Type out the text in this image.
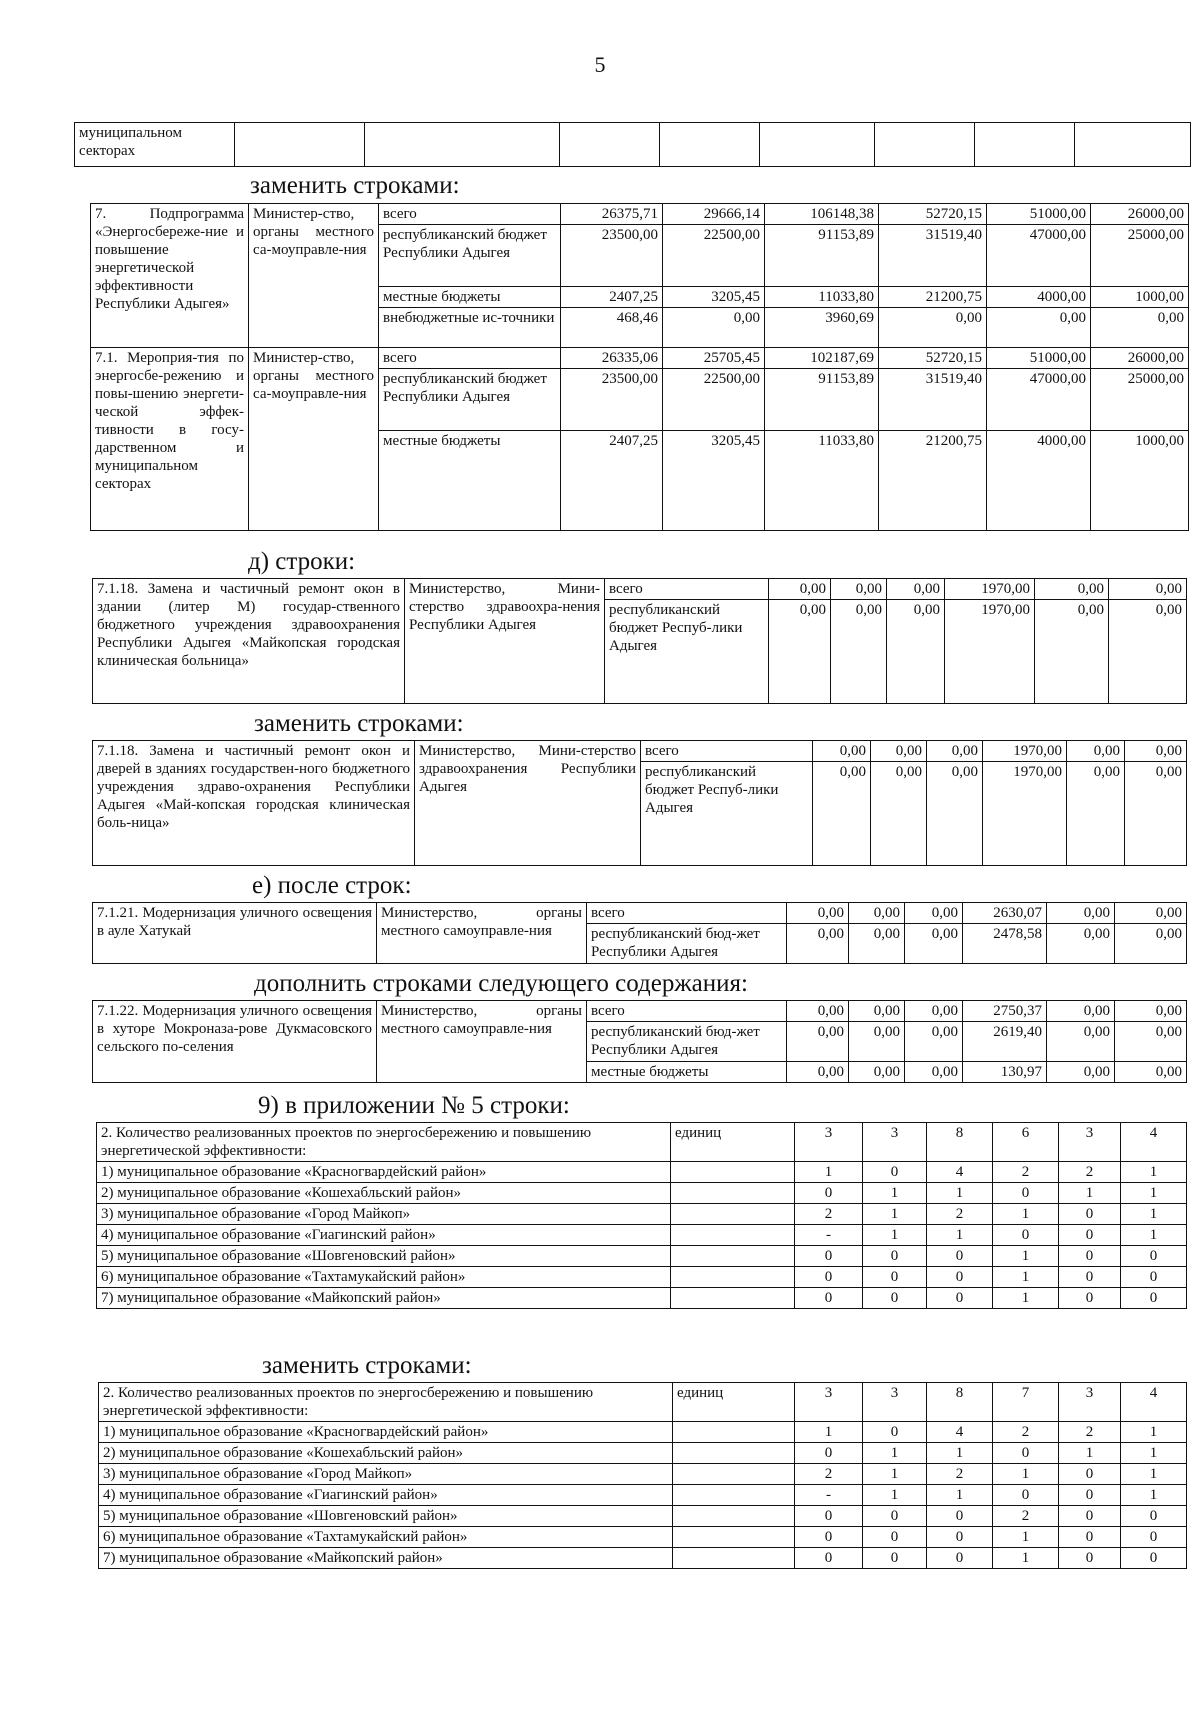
5
муниципальном секторах								
заменить строками:
7. Подпрограмма «Энергосбереже-ние и повышение энергетической эффективности Республики Адыгея»	Министер-ство, органы местного са-моуправле-ния	всего	26375,71	29666,14	106148,38	52720,15	51000,00	26000,00
		республиканский бюджет Республики Адыгея	23500,00	22500,00	91153,89	31519,40	47000,00	25000,00
		местные бюджеты	2407,25	3205,45	11033,80	21200,75	4000,00	1000,00
		внебюджетные ис-точники	468,46	0,00	3960,69	0,00	0,00	0,00
7.1. Мероприя-тия по энергосбе-режению и повы-шению энергети-ческой эффек-тивности в госу-дарственном и муниципальном секторах	Министер-ство, органы местного са-моуправле-ния	всего	26335,06	25705,45	102187,69	52720,15	51000,00	26000,00
		республиканский бюджет Республики Адыгея	23500,00	22500,00	91153,89	31519,40	47000,00	25000,00
		местные бюджеты	2407,25	3205,45	11033,80	21200,75	4000,00	1000,00
д) строки:
7.1.18. Замена и частичный ремонт окон в здании (литер М) государ-ственного бюджетного учреждения здравоохранения Республики Адыгея «Майкопская городская клиническая больница»	Министерство, Мини-стерство здравоохра-нения Республики Адыгея	всего	0,00	0,00	0,00	1970,00	0,00	0,00
		республиканский бюджет Респуб-лики Адыгея	0,00	0,00	0,00	1970,00	0,00	0,00
заменить строками:
7.1.18. Замена и частичный ремонт окон и дверей в зданиях государствен-ного бюджетного учреждения здраво-охранения Республики Адыгея «Май-копская городская клиническая боль-ница»	Министерство, Мини-стерство здравоохранения Республики Адыгея	всего	0,00	0,00	0,00	1970,00	0,00	0,00
		республиканский бюджет Респуб-лики Адыгея	0,00	0,00	0,00	1970,00	0,00	0,00
е) после строк:
7.1.21. Модернизация уличного освещения в ауле Хатукай	Министерство, органы местного самоуправле-ния	всего	0,00	0,00	0,00	2630,07	0,00	0,00
		республиканский бюд-жет Республики Адыгея	0,00	0,00	0,00	2478,58	0,00	0,00
дополнить строками следующего содержания:
7.1.22. Модернизация уличного освещения в хуторе Мокроназа-рове Дукмасовского сельского по-селения	Министерство, органы местного самоуправле-ния	всего	0,00	0,00	0,00	2750,37	0,00	0,00
		республиканский бюд-жет Республики Адыгея	0,00	0,00	0,00	2619,40	0,00	0,00
		местные бюджеты	0,00	0,00	0,00	130,97	0,00	0,00
9) в приложении № 5 строки:
2. Количество реализованных проектов по энергосбережению и повышению энергетической эффективности:	единиц	3	3	8	6	3	4
1) муниципальное образование «Красногвардейский район»		1	0	4	2	2	1
2) муниципальное образование «Кошехабльский район»		0	1	1	0	1	1
3) муниципальное образование «Город Майкоп»		2	1	2	1	0	1
4) муниципальное образование «Гиагинский район»		-	1	1	0	0	1
5) муниципальное образование «Шовгеновский район»		0	0	0	1	0	0
6) муниципальное образование «Тахтамукайский район»		0	0	0	1	0	0
7) муниципальное образование «Майкопский район»		0	0	0	1	0	0
заменить строками:
2. Количество реализованных проектов по энергосбережению и повышению энергетической эффективности:	единиц	3	3	8	7	3	4
1) муниципальное образование «Красногвардейский район»		1	0	4	2	2	1
2) муниципальное образование «Кошехабльский район»		0	1	1	0	1	1
3) муниципальное образование «Город Майкоп»		2	1	2	1	0	1
4) муниципальное образование «Гиагинский район»		-	1	1	0	0	1
5) муниципальное образование «Шовгеновский район»		0	0	0	2	0	0
6) муниципальное образование «Тахтамукайский район»		0	0	0	1	0	0
7) муниципальное образование «Майкопский район»		0	0	0	1	0	0
